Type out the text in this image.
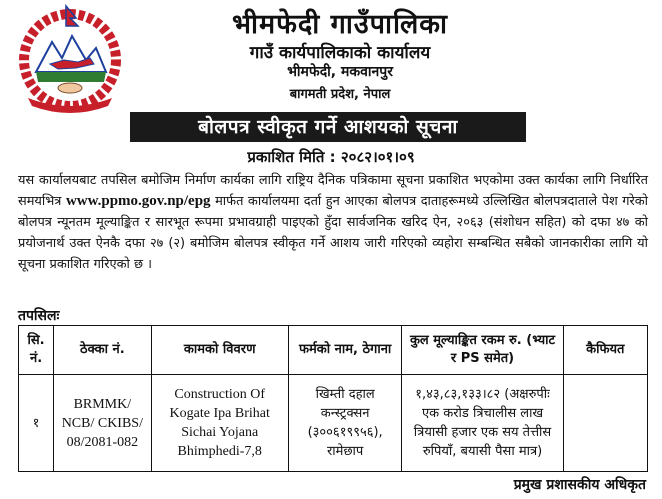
भीमफेदी गाउँपालिका
गाउँ कार्यपालिकाको कार्यालय
भीमफेदी, मकवानपुर
बागमती प्रदेश, नेपाल
बोलपत्र स्वीकृत गर्ने आशयको सूचना
प्रकाशित मिति : २०८२।०१।०९
यस कार्यालयबाट तपसिल बमोजिम निर्माण कार्यका लागि राष्ट्रिय दैनिक पत्रिकामा सूचना प्रकाशित भएकोमा उक्त कार्यका लागि निर्धारित समयभित्र www.ppmo.gov.np/epg मार्फत कार्यालयमा दर्ता हुन आएका बोलपत्र दाताहरूमध्ये उल्लिखित बोलपत्रदाताले पेश गरेको बोलपत्र न्यूनतम मूल्याङ्कित र सारभूत रूपमा प्रभावग्राही पाइएको हुँदा सार्वजनिक खरिद ऐन, २०६३ (संशोधन सहित) को दफा ४७ को प्रयोजनार्थ उक्त ऐनकै दफा २७ (२) बमोजिम बोलपत्र स्वीकृत गर्ने आशय जारी गरिएको व्यहोरा सम्बन्धित सबैको जानकारीका लागि यो सूचना प्रकाशित गरिएको छ ।
तपसिलः
सि. नं.	ठेक्का नं.	कामको विवरण	फर्मको नाम, ठेगाना	कुल मूल्याङ्कित रकम रु. (भ्याट र PS समेत)	कैफियत
१	BRMMK/ NCB/ CKIBS/ 08/2081-082	Construction Of Kogate Ipa Brihat Sichai Yojana Bhimphedi-7,8	खिम्ती दहाल कन्स्ट्रक्सन (३००६१९९५६), रामेछाप	१,४३,८३,१३३।८२ (अक्षरुपीः एक करोड त्रिचालीस लाख त्रियासी हजार एक सय तेत्तीस रुपियाँ, बयासी पैसा मात्र)	
प्रमुख प्रशासकीय अधिकृत
